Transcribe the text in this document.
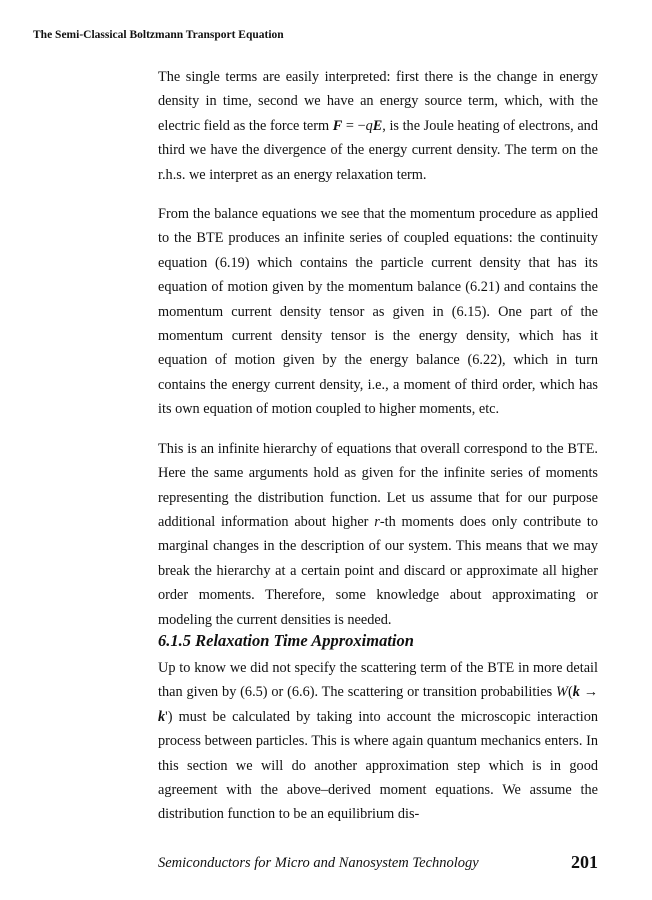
The Semi-Classical Boltzmann Transport Equation

The single terms are easily interpreted: first there is the change in energy density in time, second we have an energy source term, which, with the electric field as the force term F = −qE, is the Joule heating of electrons, and third we have the divergence of the energy current density. The term on the r.h.s. we interpret as an energy relaxation term.

From the balance equations we see that the momentum procedure as applied to the BTE produces an infinite series of coupled equations: the continuity equation (6.19) which contains the particle current density that has its equation of motion given by the momentum balance (6.21) and contains the momentum current density tensor as given in (6.15). One part of the momentum current density tensor is the energy density, which has it equation of motion given by the energy balance (6.22), which in turn contains the energy current density, i.e., a moment of third order, which has its own equation of motion coupled to higher moments, etc.

This is an infinite hierarchy of equations that overall correspond to the BTE. Here the same arguments hold as given for the infinite series of moments representing the distribution function. Let us assume that for our purpose additional information about higher r-th moments does only contribute to marginal changes in the description of our system. This means that we may break the hierarchy at a certain point and discard or approximate all higher order moments. Therefore, some knowledge about approximating or modeling the current densities is needed.

6.1.5 Relaxation Time Approximation

Up to know we did not specify the scattering term of the BTE in more detail than given by (6.5) or (6.6). The scattering or transition probabilities W(k → k') must be calculated by taking into account the microscopic interaction process between particles. This is where again quantum mechanics enters. In this section we will do another approximation step which is in good agreement with the above–derived moment equations. We assume the distribution function to be an equilibrium dis-

Semiconductors for Micro and Nanosystem Technology	201
